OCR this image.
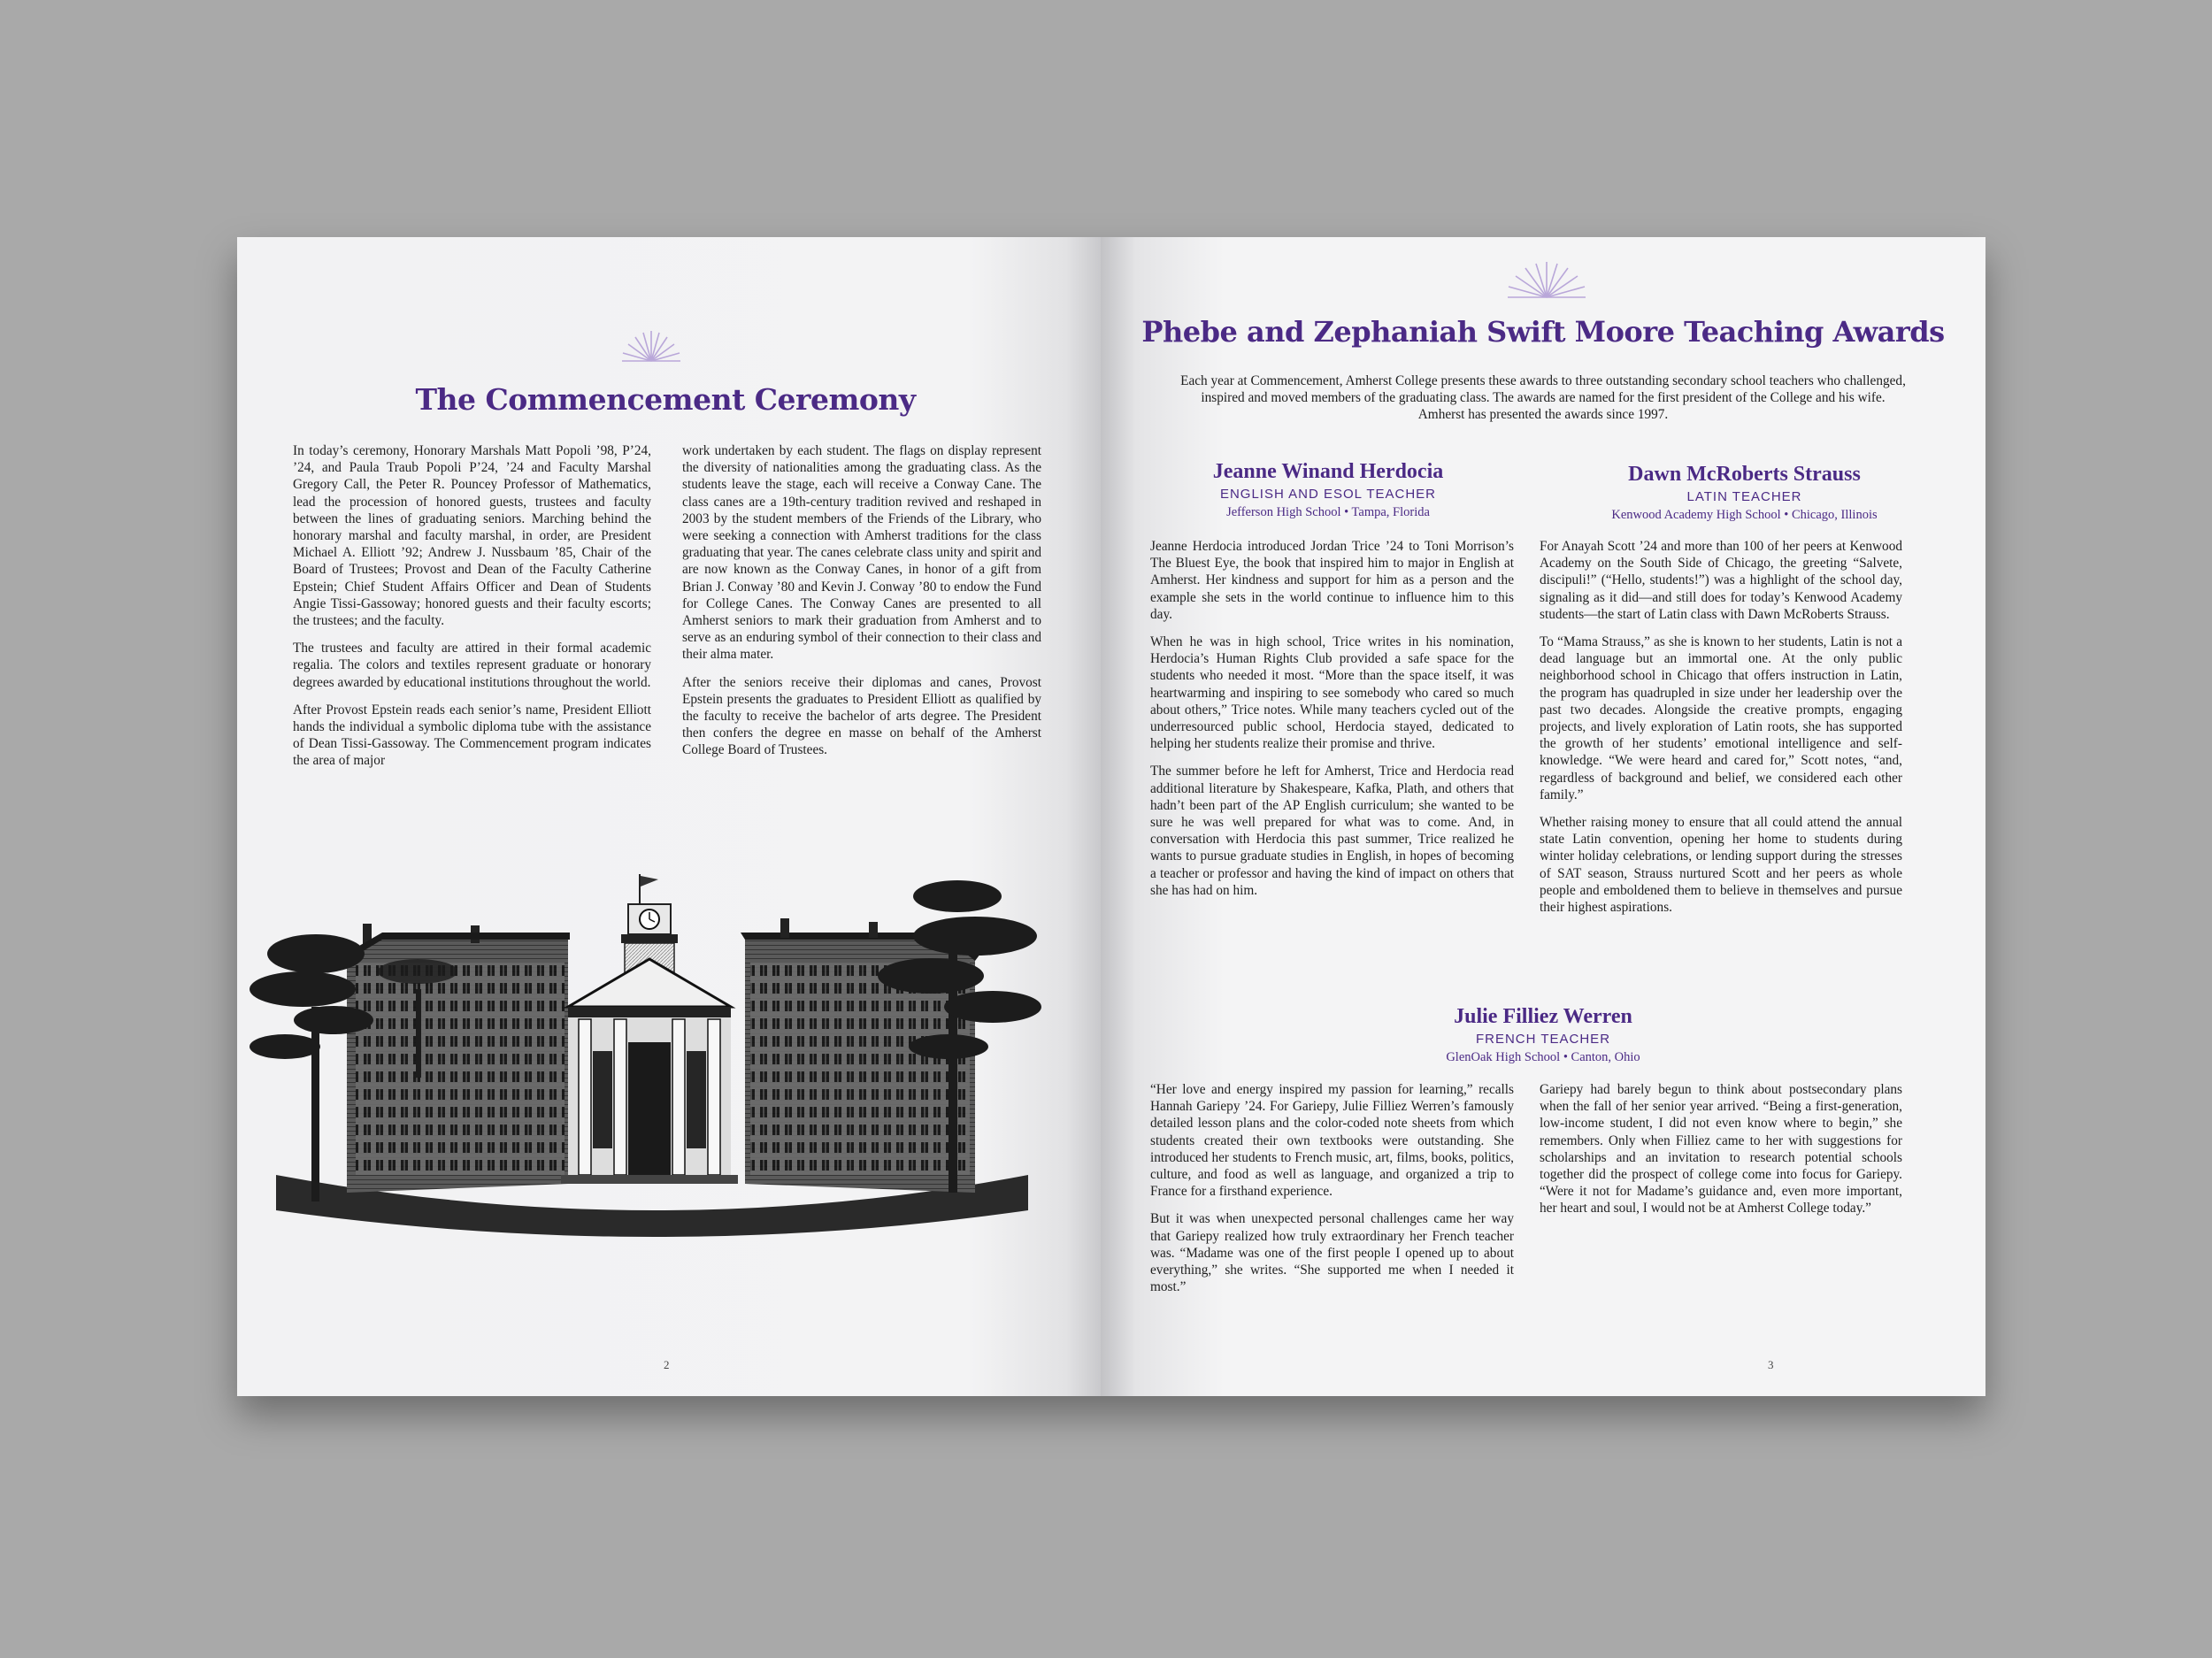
The Commencement Ceremony

In today’s ceremony, Honorary Marshals Matt Popoli ’98, P’24, ’24, and Paula Traub Popoli P’24, ’24 and Faculty Marshal Gregory Call, the Peter R. Pouncey Professor of Mathematics, lead the procession of honored guests, trustees and faculty between the lines of graduating seniors. Marching behind the honorary marshal and faculty marshal, in order, are President Michael A. Elliott ’92; Andrew J. Nussbaum ’85, Chair of the Board of Trustees; Provost and Dean of the Faculty Catherine Epstein; Chief Student Affairs Officer and Dean of Students Angie Tissi-Gassoway; honored guests and their faculty escorts; the trustees; and the faculty.

The trustees and faculty are attired in their formal academic regalia. The colors and textiles represent graduate or honorary degrees awarded by educational institutions throughout the world.

After Provost Epstein reads each senior’s name, President Elliott hands the individual a symbolic diploma tube with the assistance of Dean Tissi-Gassoway. The Commencement program indicates the area of major

work undertaken by each student. The flags on display represent the diversity of nationalities among the graduating class. As the students leave the stage, each will receive a Conway Cane. The class canes are a 19th-century tradition revived and reshaped in 2003 by the student members of the Friends of the Library, who were seeking a connection with Amherst traditions for the class graduating that year. The canes celebrate class unity and spirit and are now known as the Conway Canes, in honor of a gift from Brian J. Conway ’80 and Kevin J. Conway ’80 to endow the Fund for College Canes. The Conway Canes are presented to all Amherst seniors to mark their graduation from Amherst and to serve as an enduring symbol of their connection to their class and their alma mater.

After the seniors receive their diplomas and canes, Provost Epstein presents the graduates to President Elliott as qualified by the faculty to receive the bachelor of arts degree. The President then confers the degree en masse on behalf of the Amherst College Board of Trustees.

2
Phebe and Zephaniah Swift Moore Teaching Awards
Each year at Commencement, Amherst College presents these awards to three outstanding secondary school teachers who challenged, inspired and moved members of the graduating class. The awards are named for the first president of the College and his wife. Amherst has presented the awards since 1997.
Jeanne Winand Herdocia
ENGLISH AND ESOL TEACHER
Jefferson High School • Tampa, Florida

Jeanne Herdocia introduced Jordan Trice ’24 to Toni Morrison’s The Bluest Eye, the book that inspired him to major in English at Amherst. Her kindness and support for him as a person and the example she sets in the world continue to influence him to this day.

When he was in high school, Trice writes in his nomination, Herdocia’s Human Rights Club provided a safe space for the students who needed it most. “More than the space itself, it was heartwarming and inspiring to see somebody who cared so much about others,” Trice notes. While many teachers cycled out of the underresourced public school, Herdocia stayed, dedicated to helping her students realize their promise and thrive.

The summer before he left for Amherst, Trice and Herdocia read additional literature by Shakespeare, Kafka, Plath, and others that hadn’t been part of the AP English curriculum; she wanted to be sure he was well prepared for what was to come. And, in conversation with Herdocia this past summer, Trice realized he wants to pursue graduate studies in English, in hopes of becoming a teacher or professor and having the kind of impact on others that she has had on him.

Dawn McRoberts Strauss
LATIN TEACHER
Kenwood Academy High School • Chicago, Illinois

For Anayah Scott ’24 and more than 100 of her peers at Kenwood Academy on the South Side of Chicago, the greeting “Salvete, discipuli!” (“Hello, students!”) was a highlight of the school day, signaling as it did—and still does for today’s Kenwood Academy students—the start of Latin class with Dawn McRoberts Strauss.

To “Mama Strauss,” as she is known to her students, Latin is not a dead language but an immortal one. At the only public neighborhood school in Chicago that offers instruction in Latin, the program has quadrupled in size under her leadership over the past two decades. Alongside the creative prompts, engaging projects, and lively exploration of Latin roots, she has supported the growth of her students’ emotional intelligence and self-knowledge. “We were heard and cared for,” Scott notes, “and, regardless of background and belief, we considered each other family.”

Whether raising money to ensure that all could attend the annual state Latin convention, opening her home to students during winter holiday celebrations, or lending support during the stresses of SAT season, Strauss nurtured Scott and her peers as whole people and emboldened them to believe in themselves and pursue their highest aspirations.

Julie Filliez Werren
FRENCH TEACHER
GlenOak High School • Canton, Ohio

“Her love and energy inspired my passion for learning,” recalls Hannah Gariepy ’24. For Gariepy, Julie Filliez Werren’s famously detailed lesson plans and the color-coded note sheets from which students created their own textbooks were outstanding. She introduced her students to French music, art, films, books, politics, culture, and food as well as language, and organized a trip to France for a firsthand experience.

But it was when unexpected personal challenges came her way that Gariepy realized how truly extraordinary her French teacher was. “Madame was one of the first people I opened up to about everything,” she writes. “She supported me when I needed it most.”

Gariepy had barely begun to think about postsecondary plans when the fall of her senior year arrived. “Being a first-generation, low-income student, I did not even know where to begin,” she remembers. Only when Filliez came to her with suggestions for scholarships and an invitation to research potential schools together did the prospect of college come into focus for Gariepy. “Were it not for Madame’s guidance and, even more important, her heart and soul, I would not be at Amherst College today.”

3
